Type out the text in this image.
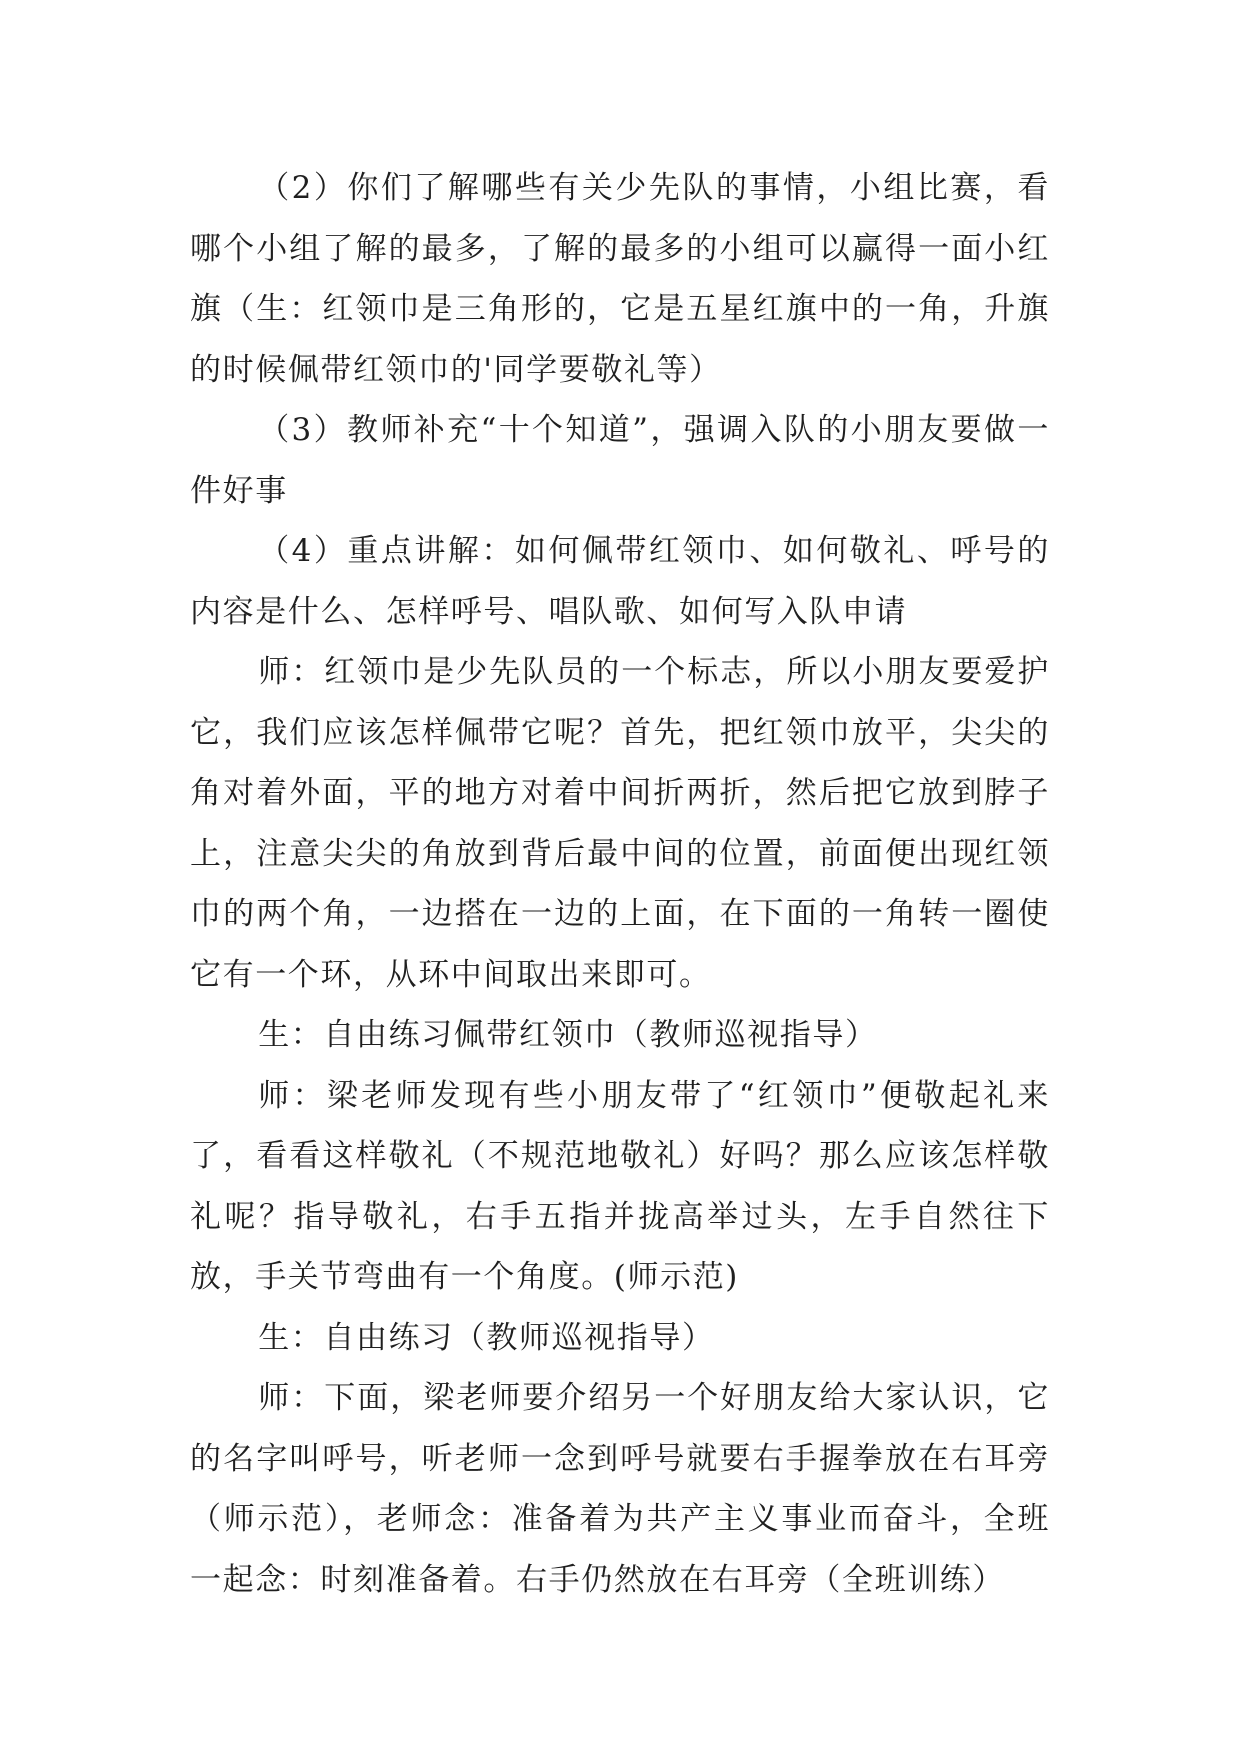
（2）你们了解哪些有关少先队的事情，小组比赛，看哪个小组了解的最多，了解的最多的小组可以赢得一面小红旗（生：红领巾是三角形的，它是五星红旗中的一角，升旗的时候佩带红领巾的'同学要敬礼等）

（3）教师补充“十个知道”，强调入队的小朋友要做一件好事

（4）重点讲解：如何佩带红领巾、如何敬礼、呼号的内容是什么、怎样呼号、唱队歌、如何写入队申请

师：红领巾是少先队员的一个标志，所以小朋友要爱护它，我们应该怎样佩带它呢？首先，把红领巾放平，尖尖的角对着外面，平的地方对着中间折两折，然后把它放到脖子上，注意尖尖的角放到背后最中间的位置，前面便出现红领巾的两个角，一边搭在一边的上面，在下面的一角转一圈使它有一个环，从环中间取出来即可。

生：自由练习佩带红领巾（教师巡视指导）

师：梁老师发现有些小朋友带了“红领巾”便敬起礼来了，看看这样敬礼（不规范地敬礼）好吗？那么应该怎样敬礼呢？指导敬礼，右手五指并拢高举过头，左手自然往下放，手关节弯曲有一个角度。(师示范)

生：自由练习（教师巡视指导）

师：下面，梁老师要介绍另一个好朋友给大家认识，它的名字叫呼号，听老师一念到呼号就要右手握拳放在右耳旁（师示范），老师念：准备着为共产主义事业而奋斗，全班一起念：时刻准备着。右手仍然放在右耳旁（全班训练）
